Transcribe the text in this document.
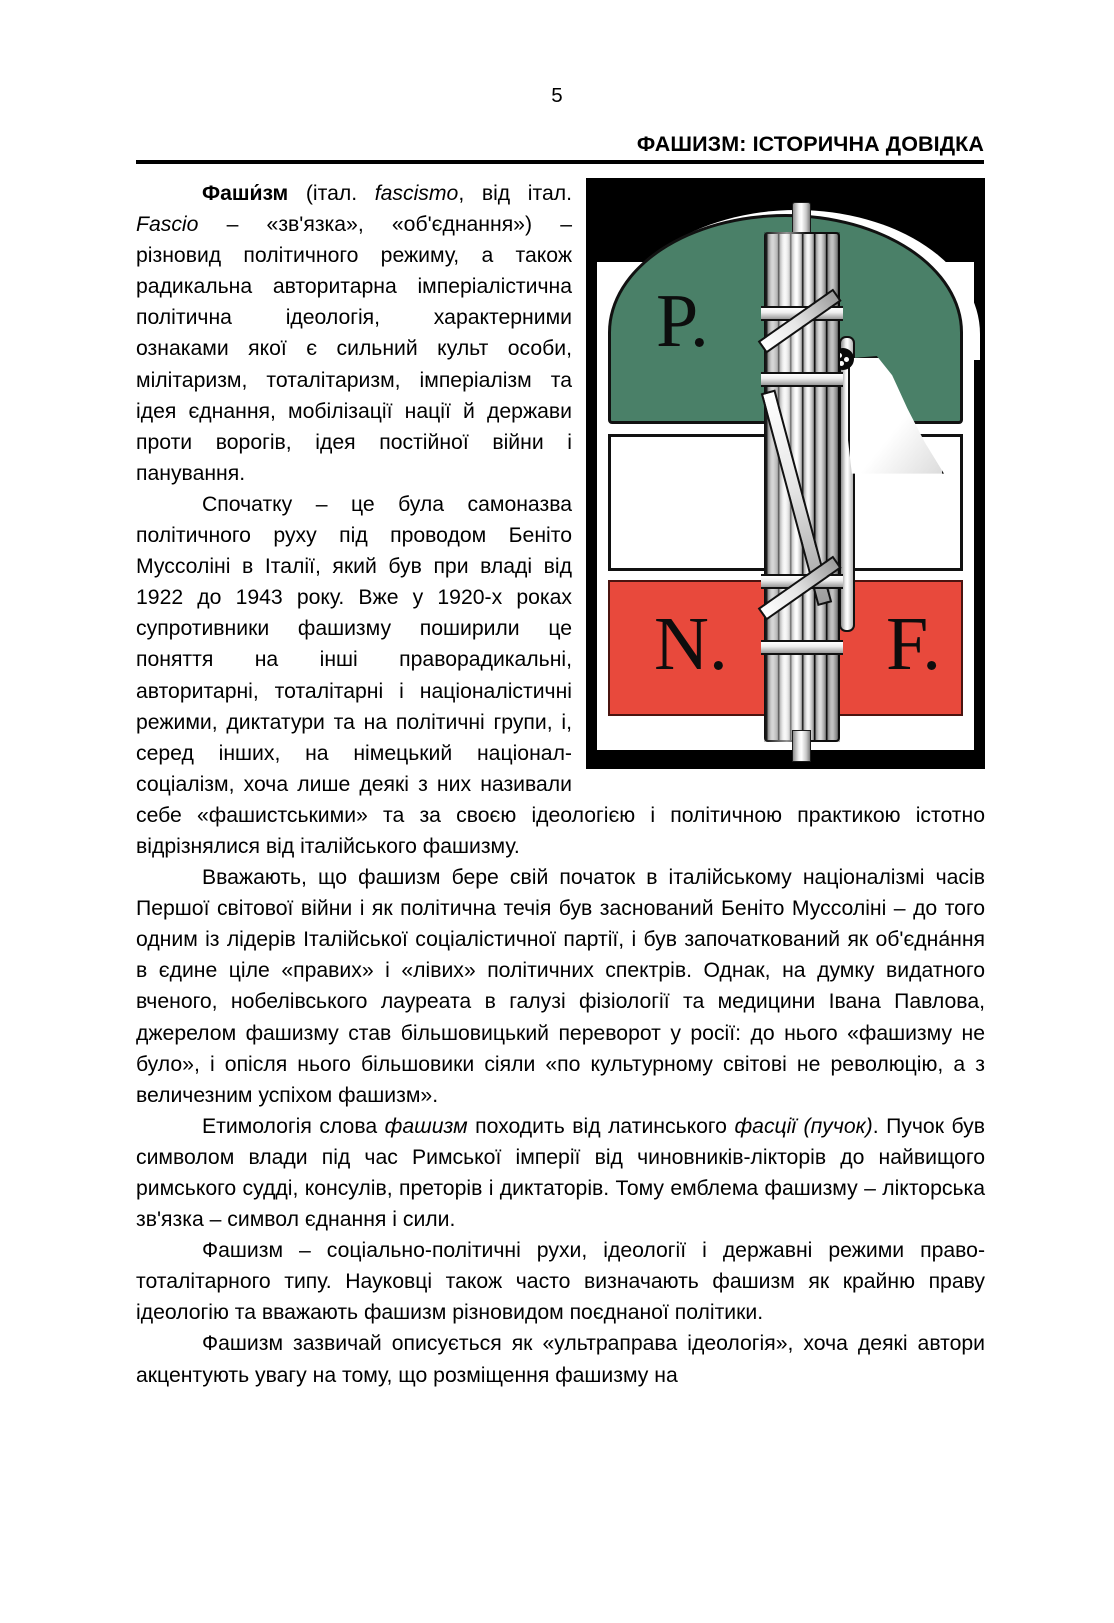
5
ФАШИЗМ: ІСТОРИЧНА ДОВІДКА
P.
N. F.

Фаши́зм (італ. fascismo, від італ. Fascio – «зв'язка», «об'єднання») – різновид політичного режиму, а також радикальна авторитарна імперіалістична політична ідеологія, характерними ознаками якої є сильний культ особи, мілітаризм, тоталітаризм, імперіалізм та ідея єднання, мобілізації нації й держави проти ворогів, ідея постійної війни і панування.

Спочатку – це була самоназва політичного руху під проводом Беніто Муссоліні в Італії, який був при владі від 1922 до 1943 року. Вже у 1920-х роках супротивники фашизму поширили це поняття на інші праворадикальні, авторитарні, тоталітарні і націоналістичні режими, диктатури та на політичні групи, і, серед інших, на німецький націонал-соціалізм, хоча лише деякі з них називали себе «фашистськими» та за своєю ідеологією і політичною практикою істотно відрізнялися від італійського фашизму.

Вважають, що фашизм бере свій початок в італійському націоналізмі часів Першої світової війни і як політична течія був заснований Беніто Муссоліні – до того одним із лідерів Італійської соціалістичної партії, і був започаткований як об'єдна́ння в єдине ціле «правих» і «лівих» політичних спектрів. Однак, на думку видатного вченого, нобелівського лауреата в галузі фізіології та медицини Івана Павлова, джерелом фашизму став більшовицький переворот у росії: до нього «фашизму не було», і опісля нього більшовики сіяли «по культурному світові не революцію, а з величезним успіхом фашизм».

Етимологія слова фашизм походить від латинського фасції (пучок). Пучок був символом влади під час Римської імперії від чиновників-лікторів до найвищого римського судді, консулів, преторів і диктаторів. Тому емблема фашизму – лікторська зв'язка – символ єднання і сили.

Фашизм – соціально-політичні рухи, ідеології і державні режими право-тоталітарного типу. Науковці також часто визначають фашизм як крайню праву ідеологію та вважають фашизм різновидом поєднаної політики.

Фашизм зазвичай описується як «ультраправа ідеологія», хоча деякі автори акцентують увагу на тому, що розміщення фашизму на
